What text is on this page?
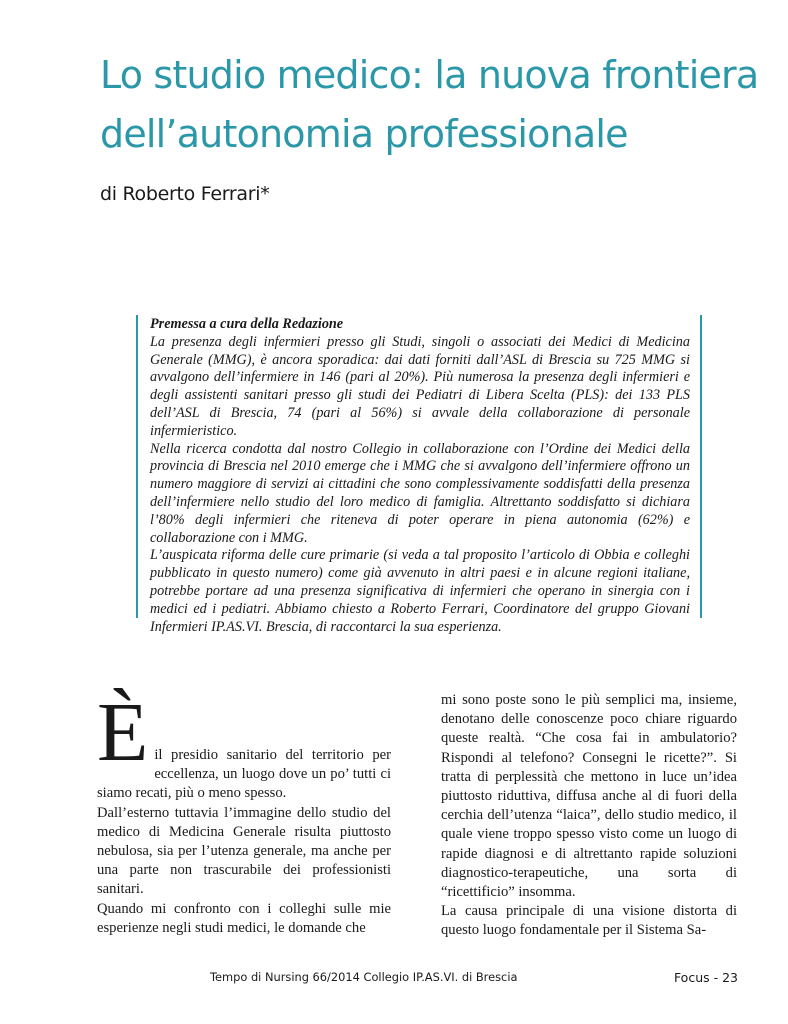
Lo studio medico: la nuova frontiera
dell’autonomia professionale
di Roberto Ferrari*
Premessa a cura della Redazione

La presenza degli infermieri presso gli Studi, singoli o associati dei Medici di Medicina Generale (MMG), è ancora sporadica: dai dati forniti dall’ASL di Brescia su 725 MMG si avvalgono dell’infermiere in 146 (pari al 20%). Più numerosa la presenza degli infermieri e degli assistenti sanitari presso gli studi dei Pediatri di Libera Scelta (PLS): dei 133 PLS dell’ASL di Brescia, 74 (pari al 56%) si avvale della collaborazione di personale infermieristico.

Nella ricerca condotta dal nostro Collegio in collaborazione con l’Ordine dei Medici della provincia di Brescia nel 2010 emerge che i MMG che si avvalgono dell’infermiere offrono un numero maggiore di servizi ai cittadini che sono complessivamente soddisfatti della presenza dell’infermiere nello studio del loro medico di famiglia. Altrettanto soddisfatto si dichiara l’80% degli infermieri che riteneva di poter operare in piena autonomia (62%) e collaborazione con i MMG.

L’auspicata riforma delle cure primarie (si veda a tal proposito l’articolo di Obbia e colleghi pubblicato in questo numero) come già avvenuto in altri paesi e in alcune regioni italiane, potrebbe portare ad una presenza significativa di infermieri che operano in sinergia con i medici ed i pediatri. Abbiamo chiesto a Roberto Ferrari, Coordinatore del gruppo Giovani Infermieri IP.AS.VI. Brescia, di raccontarci la sua esperienza.

È il presidio sanitario del territorio per eccellenza, un luogo dove un po’ tutti ci siamo recati, più o meno spesso.

Dall’esterno tuttavia l’immagine dello studio del medico di Medicina Generale risulta piuttosto nebulosa, sia per l’utenza generale, ma anche per una parte non trascurabile dei professionisti sanitari.

Quando mi confronto con i colleghi sulle mie esperienze negli studi medici, le domande che

mi sono poste sono le più semplici ma, insieme, denotano delle conoscenze poco chiare riguardo queste realtà. “Che cosa fai in ambulatorio? Rispondi al telefono? Consegni le ricette?”. Si tratta di perplessità che mettono in luce un’idea piuttosto riduttiva, diffusa anche al di fuori della cerchia dell’utenza “laica”, dello studio medico, il quale viene troppo spesso visto come un luogo di rapide diagnosi e di altrettanto rapide soluzioni diagnostico-terapeutiche, una sorta di “ricettificio” insomma.

La causa principale di una visione distorta di questo luogo fondamentale per il Sistema Sa-

Tempo di Nursing 66/2014 Collegio IP.AS.VI. di Brescia	Focus - 23
